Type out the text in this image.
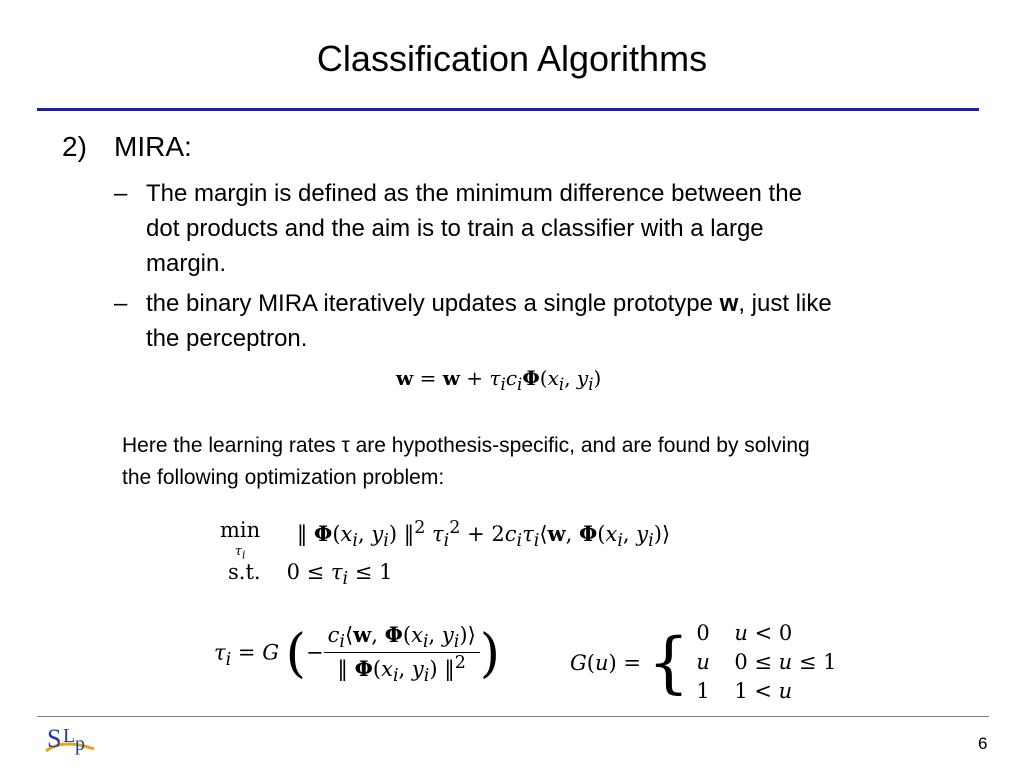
Classification Algorithms
2) MIRA:
– The margin is defined as the minimum difference between the
dot products and the aim is to train a classifier with a large
margin.
– the binary MIRA iteratively updates a single prototype w, just like
the perceptron.
$w = w + \tau_ic_i\Phi(x_i$, $y_i$)
Here the learning rates τ are hypothesis-specific, and are found by solving
the following optimization problem:
min
$^{\tau_i}$ ‖ $\Phi(x_i$, $y_i$) ‖$^2$ $\tau_i^2$ + $2c_i\tau_i⟨w$, $\Phi(x_i$, $y_i)⟩$
s.t. $0 \le \tau_i \le 1$
$\tau_i = G$ (− $\frac{c_i⟨w, \Phi(x_i, y_i)⟩}{‖ \Phi(x_i, y_i) ‖^2}$ )	G(u) = { 0 u < 0
u 0 ≤ u ≤ 1
1 1 < u
S L p	6
